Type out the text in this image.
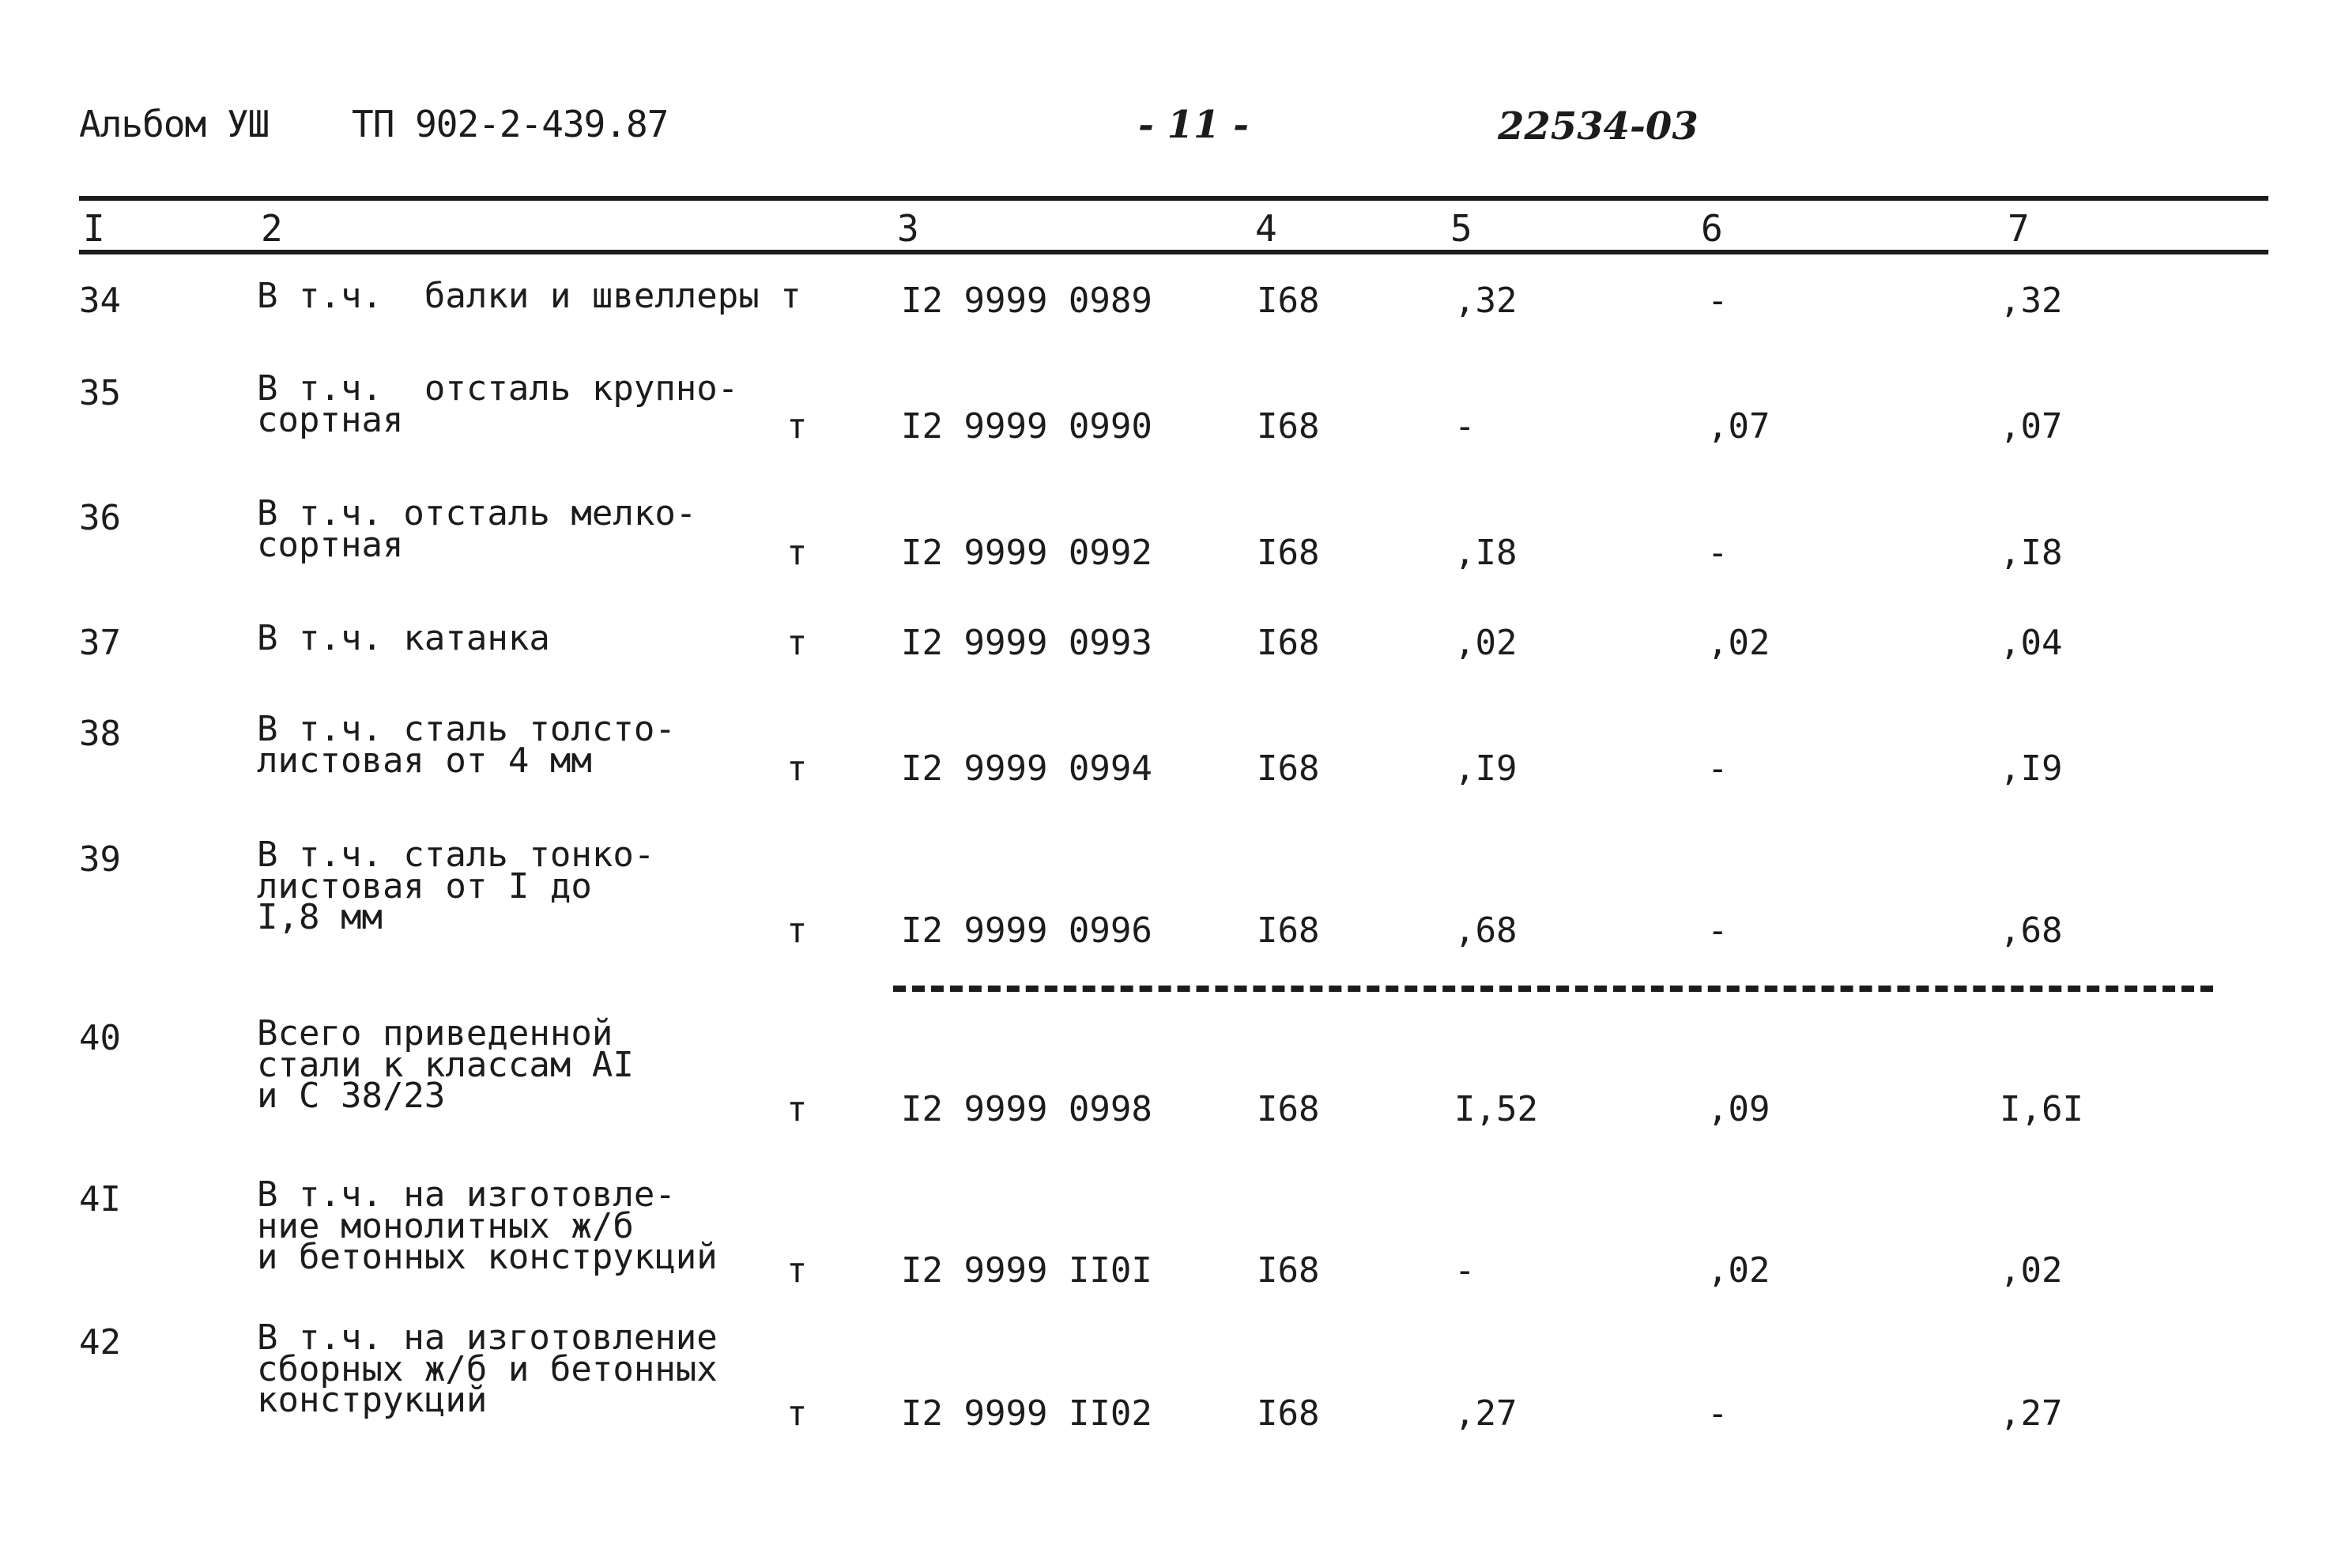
Альбом УШ ТП 902-2-439.87	- 11 -	22534-03
I	2	3	4	5	6	7
34	В т.ч.  балки и швеллеры т	I2 9999 0989	I68	,32	-	,32
35	В т.ч.  отсталь крупно-
сортная	т	I2 9999 0990	I68	-	,07	,07
36	В т.ч. отсталь мелко-
сортная	т	I2 9999 0992	I68	,I8	-	,I8
37	В т.ч. катанка	т	I2 9999 0993	I68	,02	,02	,04
38	В т.ч. сталь толсто-
листовая от 4 мм	т	I2 9999 0994	I68	,I9	-	,I9
39	В т.ч. сталь тонко-
листовая от I до
I,8 мм	т	I2 9999 0996	I68	,68	-	,68
40	Всего приведенной
стали к классам АI
и С 38/23	т	I2 9999 0998	I68	I,52	,09	I,6I
4I	В т.ч. на изготовле-
ние монолитных ж/б
и бетонных конструкций т	I2 9999 II0I	I68	-	,02	,02
42	В т.ч. на изготовление
сборных ж/б и бетонных
конструкций	т	I2 9999 II02	I68	,27	-	,27
